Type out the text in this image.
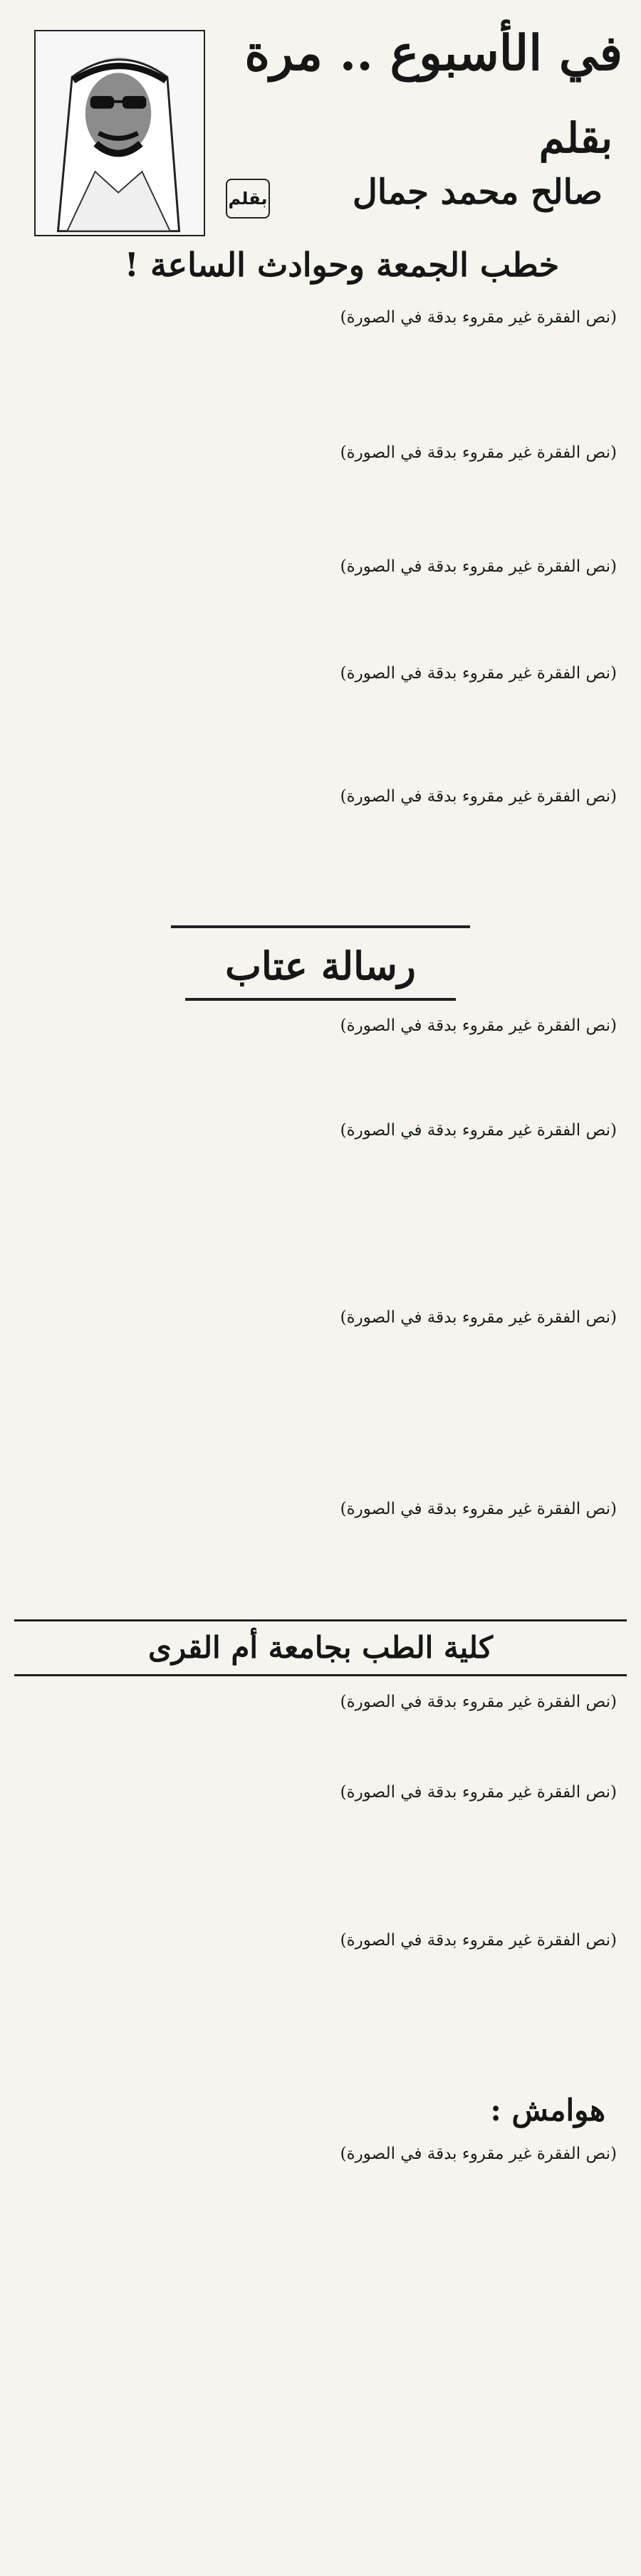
في الأسبوع .. مرة
بقلم
بقلم	صالح محمد جمال
خطب الجمعة وحوادث الساعة !
(نص الفقرة غير مقروء بدقة في الصورة)
(نص الفقرة غير مقروء بدقة في الصورة)
(نص الفقرة غير مقروء بدقة في الصورة)
(نص الفقرة غير مقروء بدقة في الصورة)
(نص الفقرة غير مقروء بدقة في الصورة)
رسالة عتاب
(نص الفقرة غير مقروء بدقة في الصورة)
(نص الفقرة غير مقروء بدقة في الصورة)
(نص الفقرة غير مقروء بدقة في الصورة)
(نص الفقرة غير مقروء بدقة في الصورة)
كلية الطب بجامعة أم القرى
(نص الفقرة غير مقروء بدقة في الصورة)
(نص الفقرة غير مقروء بدقة في الصورة)
(نص الفقرة غير مقروء بدقة في الصورة)
هوامش :
(نص الفقرة غير مقروء بدقة في الصورة)
